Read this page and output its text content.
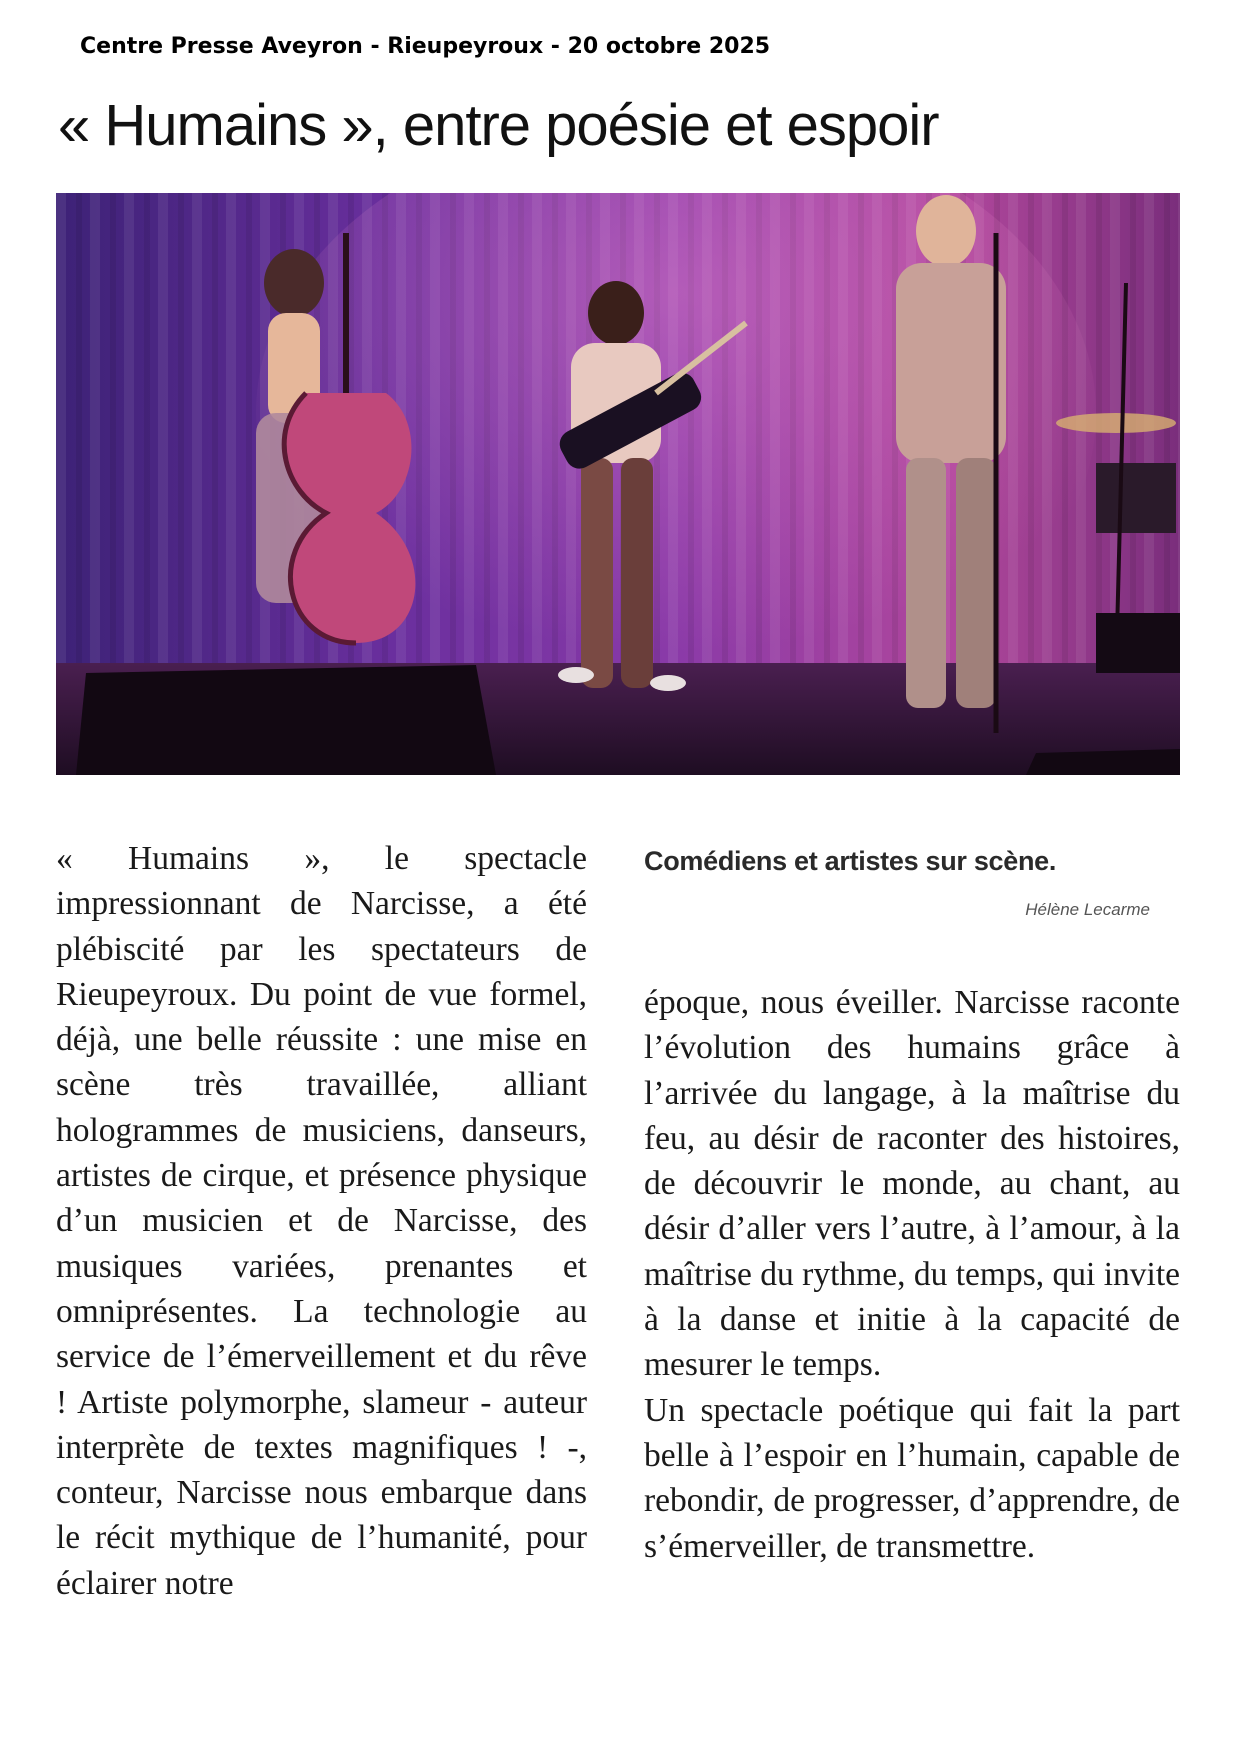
Centre Presse Aveyron - Rieupeyroux - 20 octobre 2025
« Humains », entre poésie et espoir
« Humains », le spectacle impressionnant de Narcisse, a été plébiscité par les spectateurs de Rieupeyroux. Du point de vue formel, déjà, une belle réussite : une mise en scène très travaillée, alliant hologrammes de musiciens, danseurs, artistes de cirque, et présence physique d’un musicien et de Narcisse, des musiques variées, prenantes et omniprésentes. La technologie au service de l’émerveillement et du rêve ! Artiste polymorphe, slameur - auteur interprète de textes magnifiques ! -, conteur, Narcisse nous embarque dans le récit mythique de l’humanité, pour éclairer notre
Comédiens et artistes sur scène.
Hélène Lecarme
époque, nous éveiller. Narcisse raconte l’évolution des humains grâce à l’arrivée du langage, à la maîtrise du feu, au désir de raconter des histoires, de découvrir le monde, au chant, au désir d’aller vers l’autre, à l’amour, à la maîtrise du rythme, du temps, qui invite à la danse et initie à la capacité de mesurer le temps.
Un spectacle poétique qui fait la part belle à l’espoir en l’humain, capable de rebondir, de progresser, d’apprendre, de s’émerveiller, de transmettre.
